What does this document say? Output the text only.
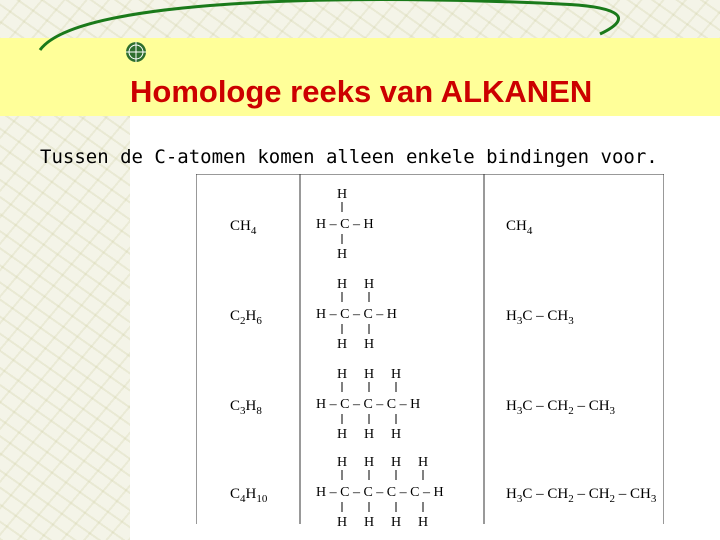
Homologe reeks van ALKANEN
Tussen de C-atomen komen alleen enkele bindingen voor.
$CH_4$
H
H – C – H
H
$CH_4$
$C_2H_6$
H H
H – C – C – H
H H
$H_3C - CH_3$
$C_3H_8$
H H H
H – C – C – C – H
H H H
$H_3C - CH_2 - CH_3$
$C_4H_{10}$
H H H H
H – C – C – C – C – H
H H H H
$H_3C - CH_2 - CH_2 - CH_3$
